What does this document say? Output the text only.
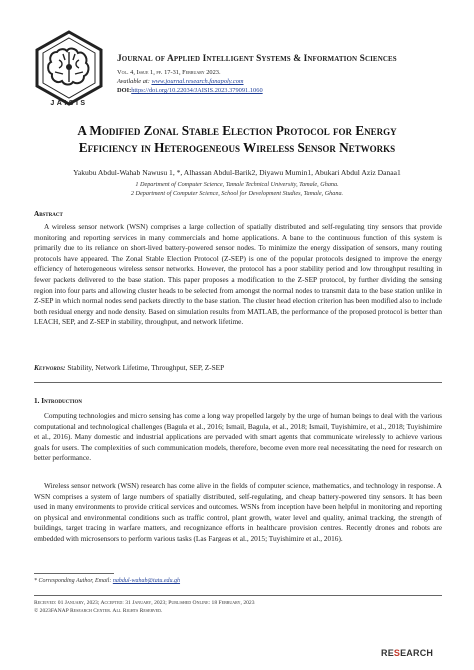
JAISIS
Journal of Applied Intelligent Systems & Information Sciences
Vol. 4, Issue 1, pp. 17-31, February 2023.
Available at: www.journal.research.fanapoly.com
DOI:https://doi.org/10.22034/JAISIS.2023.379091.1060
A Modified Zonal Stable Election Protocol for Energy
Efficiency in Heterogeneous Wireless Sensor Networks
Yakubu Abdul-Wahab Nawusu 1, *, Alhassan Abdul-Barik2, Diyawu Mumin1, Abukari Abdul Aziz Danaa1
1 Department of Computer Science, Tamale Technical University, Tamale, Ghana.
2 Department of Computer Science, School for Development Studies, Tamale, Ghana.
Abstract
A wireless sensor network (WSN) comprises a large collection of spatially distributed and self-regulating tiny sensors that provide monitoring and reporting services in many commercials and home applications. A bane to the continuous function of this system is primarily due to its reliance on short-lived battery-powered sensor nodes. To minimize the energy dissipation of sensors, many routing protocols have appeared. The Zonal Stable Election Protocol (Z-SEP) is one of the popular protocols designed to improve the energy efficiency of heterogeneous wireless sensor networks. However, the protocol has a poor stability period and low throughput resulting in fewer packets delivered to the base station. This paper proposes a modification to the Z-SEP protocol, by further dividing the sensing region into four parts and allowing cluster heads to be selected from amongst the normal nodes to transmit data to the base station unlike in Z-SEP in which normal nodes send packets directly to the base station. The cluster head election criterion has been modified also to include both residual energy and node density. Based on simulation results from MATLAB, the performance of the proposed protocol is better than LEACH, SEP, and Z-SEP in stability, throughput, and network lifetime.
Keywords: Stability, Network Lifetime, Throughput, SEP, Z-SEP
1. Introduction
Computing technologies and micro sensing has come a long way propelled largely by the urge of human beings to deal with the various computational and technological challenges (Bagula et al., 2016; Ismail, Bagula, et al., 2018; Ismail, Tuyishimire, et al., 2018; Tuyishimire et al., 2016). Many domestic and industrial applications are pervaded with smart agents that communicate wirelessly to achieve various goals for users. The complexities of such communication models, therefore, become even more real necessitating the need for research on better performance.
Wireless sensor network (WSN) research has come alive in the fields of computer science, mathematics, and technology in response. A WSN comprises a system of large numbers of spatially distributed, self-regulating, and cheap battery-powered tiny sensors. It has been used in many environments to provide critical services and outcomes. WSNs from inception have been helpful in monitoring and reporting on physical and environmental conditions such as traffic control, plant growth, water level and quality, animal tracking, the strength of buildings, target tracing in warfare matters, and recognizance efforts in healthcare provision centres. Recently drones and robots are embedded with microsensors to perform various tasks (Las Fargeas et al., 2015; Tuyishimire et al., 2016).
* Corresponding Author, Email: nabdul-wahab@tatu.edu.gh
Received: 01 January, 2023; Accepted: 31 January, 2023; Published Online: 18 February, 2023
© 2023FANAP Research Center. All Rights Reserved.
RESEARCH
